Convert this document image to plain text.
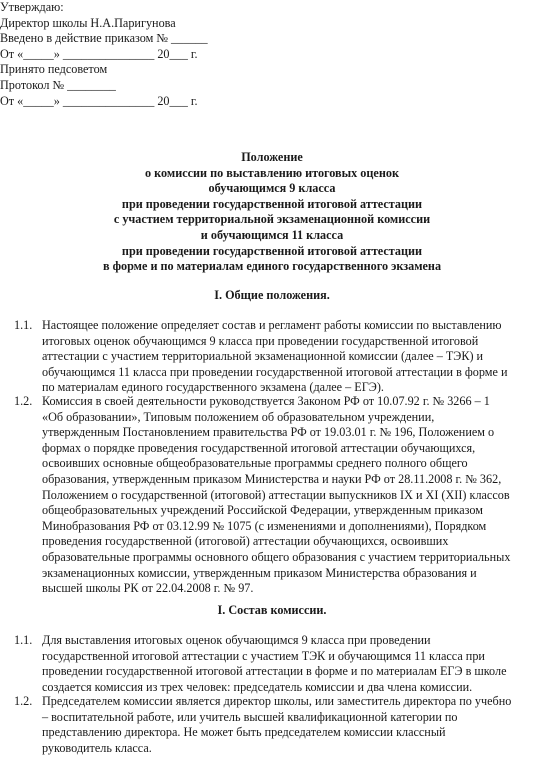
Утверждаю:
Директор школы Н.А.Паригунова
Введено в действие приказом № ______
От «_____» _______________ 20___ г.
Принято педсоветом
Протокол № ________
От «_____» _______________ 20___ г.
Положение
о комиссии по выставлению итоговых оценок
обучающимся 9 класса
при проведении государственной итоговой аттестации
с участием территориальной экзаменационной комиссии
и обучающимся 11 класса
при проведении государственной итоговой аттестации
в форме и по материалам единого государственного экзамена
I. Общие положения.
1.1. Настоящее положение определяет состав и регламент работы комиссии по выставлению
итоговых оценок обучающимся 9 класса при проведении государственной итоговой
аттестации с участием территориальной экзаменационной комиссии (далее – ТЭК) и
обучающимся 11 класса при проведении государственной итоговой аттестации в форме и
по материалам единого государственного экзамена (далее – ЕГЭ).
1.2. Комиссия в своей деятельности руководствуется Законом РФ от 10.07.92 г. № 3266 – 1
«Об образовании», Типовым положением об образовательном учреждении,
утвержденным Постановлением правительства РФ от 19.03.01 г. № 196, Положением о
формах о порядке проведения государственной итоговой аттестации обучающихся,
освоивших основные общеобразовательные программы среднего полного общего
образования, утвержденным приказом Министерства и науки РФ от 28.11.2008 г. № 362,
Положением о государственной (итоговой) аттестации выпускников IX и XI (XII) классов
общеобразовательных учреждений Российской Федерации, утвержденным приказом
Минобразования РФ от 03.12.99 № 1075 (с изменениями и дополнениями), Порядком
проведения государственной (итоговой) аттестации обучающихся, освоивших
образовательные программы основного общего образования с участием территориальных
экзаменационных комиссии, утвержденным приказом Министерства образования и
высшей школы РК от 22.04.2008 г. № 97.
I. Состав комиссии.
1.1. Для выставления итоговых оценок обучающимся 9 класса при проведении
государственной итоговой аттестации с участием ТЭК и обучающимся 11 класса при
проведении государственной итоговой аттестации в форме и по материалам ЕГЭ в школе
создается комиссия из трех человек: председатель комиссии и два члена комиссии.
1.2. Председателем комиссии является директор школы, или заместитель директора по учебно
– воспитательной работе, или учитель высшей квалификационной категории по
представлению директора. Не может быть председателем комиссии классный
руководитель класса.
